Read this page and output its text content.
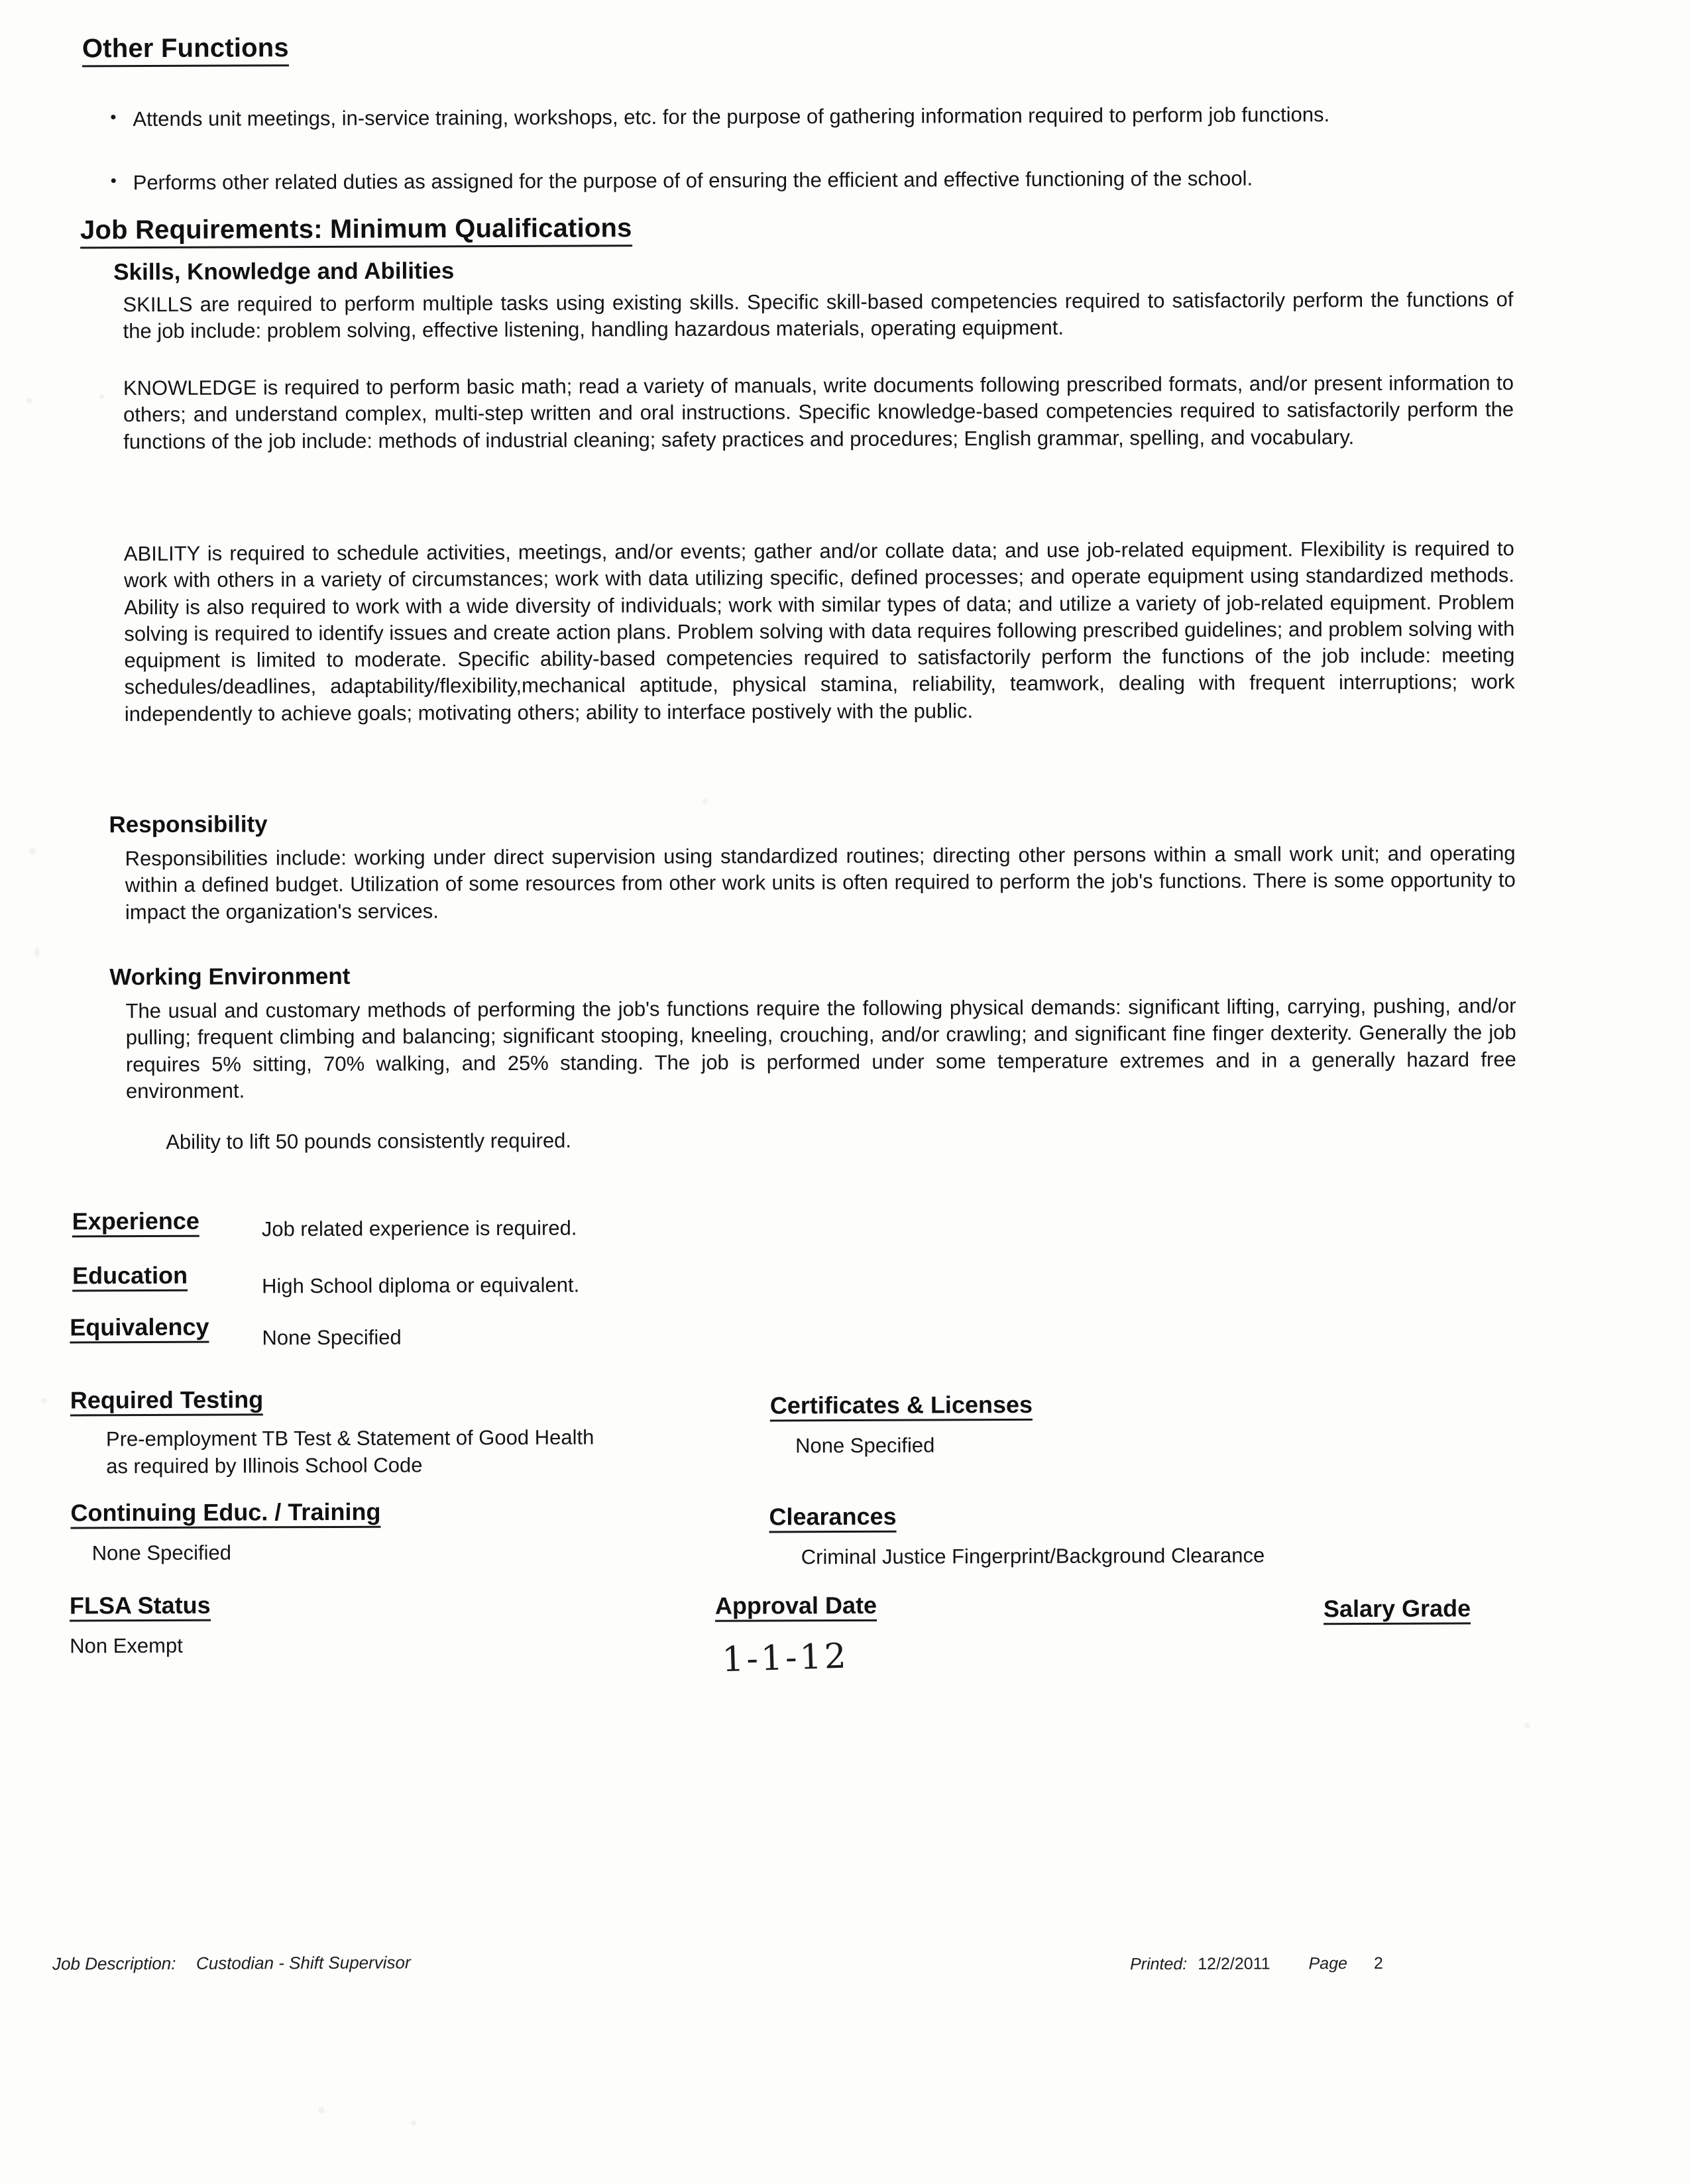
Other Functions
• Attends unit meetings, in-service training, workshops, etc. for the purpose of gathering information required to perform job functions.
• Performs other related duties as assigned for the purpose of of ensuring the efficient and effective functioning of the school.
Job Requirements: Minimum Qualifications
Skills, Knowledge and Abilities
SKILLS are required to perform multiple tasks using existing skills. Specific skill-based competencies required to satisfactorily perform the functions of the job include: problem solving, effective listening, handling hazardous materials, operating equipment.
KNOWLEDGE is required to perform basic math; read a variety of manuals, write documents following prescribed formats, and/or present information to others; and understand complex, multi-step written and oral instructions. Specific knowledge-based competencies required to satisfactorily perform the functions of the job include: methods of industrial cleaning; safety practices and procedures; English grammar, spelling, and vocabulary.
ABILITY is required to schedule activities, meetings, and/or events; gather and/or collate data; and use job-related equipment. Flexibility is required to work with others in a variety of circumstances; work with data utilizing specific, defined processes; and operate equipment using standardized methods. Ability is also required to work with a wide diversity of individuals; work with similar types of data; and utilize a variety of job-related equipment. Problem solving is required to identify issues and create action plans. Problem solving with data requires following prescribed guidelines; and problem solving with equipment is limited to moderate. Specific ability-based competencies required to satisfactorily perform the functions of the job include: meeting schedules/deadlines, adaptability/flexibility,mechanical aptitude, physical stamina, reliability, teamwork, dealing with frequent interruptions; work independently to achieve goals; motivating others; ability to interface postively with the public.
Responsibility
Responsibilities include: working under direct supervision using standardized routines; directing other persons within a small work unit; and operating within a defined budget. Utilization of some resources from other work units is often required to perform the job's functions. There is some opportunity to impact the organization's services.
Working Environment
The usual and customary methods of performing the job's functions require the following physical demands: significant lifting, carrying, pushing, and/or pulling; frequent climbing and balancing; significant stooping, kneeling, crouching, and/or crawling; and significant fine finger dexterity. Generally the job requires 5% sitting, 70% walking, and 25% standing. The job is performed under some temperature extremes and in a generally hazard free environment.
Ability to lift 50 pounds consistently required.
Experience	Job related experience is required.
Education	High School diploma or equivalent.
Equivalency	None Specified
Required Testing
Pre-employment TB Test & Statement of Good Health
as required by Illinois School Code
Continuing Educ. / Training
None Specified
FLSA Status
Non Exempt
Certificates & Licenses
None Specified
Clearances
Criminal Justice Fingerprint/Background Clearance
Approval Date
1-1-12
Salary Grade
Job Description: Custodian - Shift Supervisor	Printed: 12/2/2011 Page 2
